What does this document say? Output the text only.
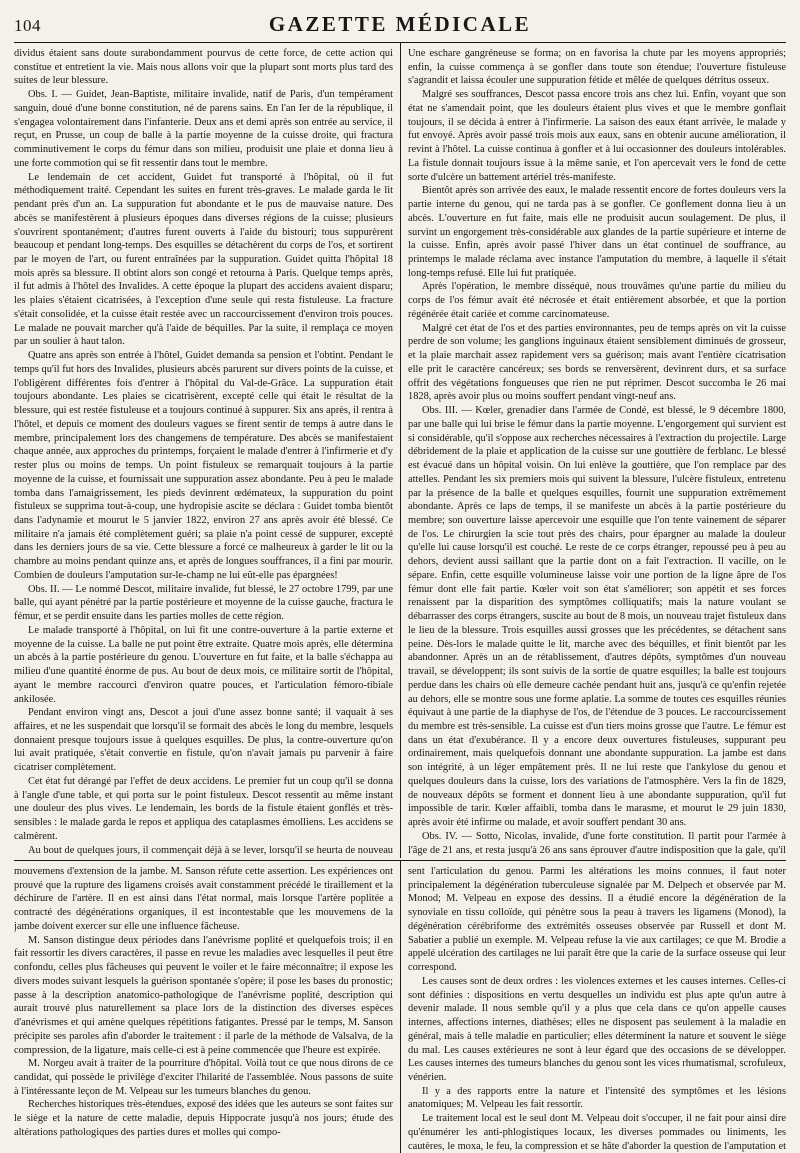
104	GAZETTE MÉDICALE

dividus étaient sans doute surabondamment pourvus de cette force, de cette action qui constitue et entretient la vie. Mais nous allons voir que la plupart sont morts plus tard des suites de leur blessure.

Obs. I. — Guidet, Jean-Baptiste, militaire invalide, natif de Paris, d'un tempérament sanguin, doué d'une bonne constitution, né de parens sains. En l'an Ier de la république, il s'engagea volontairement dans l'infanterie. Deux ans et demi après son entrée au service, il reçut, en Prusse, un coup de balle à la partie moyenne de la cuisse droite, qui fractura comminutivement le corps du fémur dans son milieu, produisit une plaie et donna lieu à une forte commotion qui se fit ressentir dans tout le membre.

Le lendemain de cet accident, Guidet fut transporté à l'hôpital, où il fut méthodiquement traité. Cependant les suites en furent très-graves. Le malade garda le lit pendant près d'un an. La suppuration fut abondante et le pus de mauvaise nature. Des abcès se manifestèrent à plusieurs époques dans diverses régions de la cuisse; plusieurs s'ouvrirent spontanément; d'autres furent ouverts à l'aide du bistouri; tous suppurèrent beaucoup et pendant long-temps. Des esquilles se détachèrent du corps de l'os, et sortirent par le moyen de l'art, ou furent entraînées par la suppuration. Guidet quitta l'hôpital 18 mois après sa blessure. Il obtint alors son congé et retourna à Paris. Quelque temps après, il fut admis à l'hôtel des Invalides. A cette époque la plupart des accidens avaient disparu; les plaies s'étaient cicatrisées, à l'exception d'une seule qui resta fistuleuse. La fracture s'était consolidée, et la cuisse était restée avec un raccourcissement d'environ trois pouces. Le malade ne pouvait marcher qu'à l'aide de béquilles. Par la suite, il remplaça ce moyen par un soulier à haut talon.

Quatre ans après son entrée à l'hôtel, Guidet demanda sa pension et l'obtint. Pendant le temps qu'il fut hors des Invalides, plusieurs abcès parurent sur divers points de la cuisse, et l'obligèrent différentes fois d'entrer à l'hôpital du Val-de-Grâce. La suppuration était toujours abondante. Les plaies se cicatrisèrent, excepté celle qui était le résultat de la blessure, qui est restée fistuleuse et a toujours continué à suppurer. Six ans après, il rentra à l'hôtel, et depuis ce moment des douleurs vagues se firent sentir de temps à autre dans le membre, principalement lors des changemens de température. Des abcès se manifestaient chaque année, aux approches du printemps, forçaient le malade d'entrer à l'infirmerie et d'y rester plus ou moins de temps. Un point fistuleux se remarquait toujours à la partie moyenne de la cuisse, et fournissait une suppuration assez abondante. Peu à peu le malade tomba dans l'amaigrissement, les pieds devinrent œdémateux, la suppuration du point fistuleux se supprima tout-à-coup, une hydropisie ascite se déclara : Guidet tomba bientôt dans l'adynamie et mourut le 5 janvier 1822, environ 27 ans après avoir été blessé. Ce militaire n'a jamais été complètement guéri; sa plaie n'a point cessé de suppurer, excepté dans les derniers jours de sa vie. Cette blessure a forcé ce malheureux à garder le lit ou la chambre au moins pendant quinze ans, et après de longues souffrances, il a fini par mourir. Combien de douleurs l'amputation sur-le-champ ne lui eût-elle pas épargnées!

Obs. II. — Le nommé Descot, militaire invalide, fut blessé, le 27 octobre 1799, par une balle, qui ayant pénétré par la partie postérieure et moyenne de la cuisse gauche, fractura le fémur, et se perdit ensuite dans les parties molles de cette région.

Le malade transporté à l'hôpital, on lui fit une contre-ouverture à la partie externe et moyenne de la cuisse. La balle ne put point être extraite. Quatre mois après, elle détermina un abcès à la partie postérieure du genou. L'ouverture en fut faite, et la balle s'échappa au milieu d'une quantité énorme de pus. Au bout de deux mois, ce militaire sortit de l'hôpital, ayant le membre raccourci d'environ quatre pouces, et l'articulation fémoro-tibiale ankilosée.

Pendant environ vingt ans, Descot a joui d'une assez bonne santé; il vaquait à ses affaires, et ne les suspendait que lorsqu'il se formait des abcès le long du membre, lesquels donnaient presque toujours issue à quelques esquilles. De plus, la contre-ouverture qu'on lui avait pratiquée, s'était convertie en fistule, qu'on n'avait jamais pu parvenir à faire cicatriser complètement.

Cet état fut dérangé par l'effet de deux accidens. Le premier fut un coup qu'il se donna à l'angle d'une table, et qui porta sur le point fistuleux. Descot ressentit au même instant une douleur des plus vives. Le lendemain, les bords de la fistule étaient gonflés et très-sensibles : le malade garda le repos et appliqua des cataplasmes émolliens. Les accidens se calmèrent.

Au bout de quelques jours, il commençait déjà à se lever, lorsqu'il se heurta de nouveau

Une eschare gangréneuse se forma; on en favorisa la chute par les moyens appropriés; enfin, la cuisse commença à se gonfler dans toute son étendue; l'ouverture fistuleuse s'agrandit et laissa écouler une suppuration fétide et mêlée de quelques détritus osseux.

Malgré ses souffrances, Descot passa encore trois ans chez lui. Enfin, voyant que son état ne s'amendait point, que les douleurs étaient plus vives et que le membre gonflait toujours, il se décida à entrer à l'infirmerie. La saison des eaux étant arrivée, le malade y fut envoyé. Après avoir passé trois mois aux eaux, sans en obtenir aucune amélioration, il revint à l'hôtel. La cuisse continua à gonfler et à lui occasionner des douleurs intolérables. La fistule donnait toujours issue à la même sanie, et l'on apercevait vers le fond de cette sorte d'ulcère un battement artériel très-manifeste.

Bientôt après son arrivée des eaux, le malade ressentit encore de fortes douleurs vers la partie interne du genou, qui ne tarda pas à se gonfler. Ce gonflement donna lieu à un abcès. L'ouverture en fut faite, mais elle ne produisit aucun soulagement. De plus, il survint un engorgement très-considérable aux glandes de la partie supérieure et interne de la cuisse. Enfin, après avoir passé l'hiver dans un état continuel de souffrance, au printemps le malade réclama avec instance l'amputation du membre, à laquelle il s'était long-temps refusé. Elle lui fut pratiquée.

Après l'opération, le membre disséqué, nous trouvâmes qu'une partie du milieu du corps de l'os fémur avait été nécrosée et était entièrement absorbée, et que la portion régénérée était cariée et comme carcinomateuse.

Malgré cet état de l'os et des parties environnantes, peu de temps après on vit la cuisse perdre de son volume; les ganglions inguinaux étaient sensiblement diminués de grosseur, et la plaie marchait assez rapidement vers sa guérison; mais avant l'entière cicatrisation elle prit le caractère cancéreux; ses bords se renversèrent, devinrent durs, et sa surface offrit des végétations fongueuses que rien ne put réprimer. Descot succomba le 26 mai 1828, après avoir plus ou moins souffert pendant vingt-neuf ans.

Obs. III. — Kœler, grenadier dans l'armée de Condé, est blessé, le 9 décembre 1800, par une balle qui lui brise le fémur dans la partie moyenne. L'engorgement qui survient est si considérable, qu'il s'oppose aux recherches nécessaires à l'extraction du projectile. Large débridement de la plaie et application de la cuisse sur une gouttière de ferblanc. Le blessé est évacué dans un hôpital voisin. On lui enlève la gouttière, que l'on remplace par des attelles. Pendant les six premiers mois qui suivent la blessure, l'ulcère fistuleux, entretenu par la présence de la balle et quelques esquilles, fournit une suppuration extrêmement abondante. Après ce laps de temps, il se manifeste un abcès à la partie postérieure du membre; son ouverture laisse apercevoir une esquille que l'on tente vainement de séparer de l'os. Le chirurgien la scie tout près des chairs, pour épargner au malade la douleur qu'elle lui cause lorsqu'il est couché. Le reste de ce corps étranger, repoussé peu à peu au dehors, devient aussi saillant que la partie dont on a fait l'extraction. Il vacille, on le sépare. Enfin, cette esquille volumineuse laisse voir une portion de la ligne âpre de l'os fémur dont elle fait partie. Kœler voit son état s'améliorer; son appétit et ses forces renaissent par la disparition des symptômes colliquatifs; mais la nature voulant se débarrasser des corps étrangers, suscite au bout de 8 mois, un nouveau trajet fistuleux dans le lieu de la blessure. Trois esquilles aussi grosses que les précédentes, se détachent sans peine. Dès-lors le malade quitte le lit, marche avec des béquilles, et finit bientôt par les abandonner. Après un an de rétablissement, d'autres dépôts, symptômes d'un nouveau travail, se développent; ils sont suivis de la sortie de quatre esquilles; la balle est toujours perdue dans les chairs où elle demeure cachée pendant huit ans, jusqu'à ce qu'enfin rejetée au dehors, elle se montre sous une forme aplatie. La somme de toutes ces esquilles réunies équivaut à une partie de la diaphyse de l'os, de l'étendue de 3 pouces. Le raccourcissement du membre est très-sensible. La cuisse est d'un tiers moins grosse que l'autre. Le fémur est dans un état d'exubérance. Il y a encore deux ouvertures fistuleuses, suppurant peu ordinairement, mais quelquefois donnant une abondante suppuration. La jambe est dans son intégrité, à un léger empâtement près. Il ne lui reste que l'ankylose du genou et quelques douleurs dans la cuisse, lors des variations de l'atmosphère. Vers la fin de 1829, de nouveaux dépôts se forment et donnent lieu à une abondante suppuration, qu'il fut impossible de tarir. Kœler affaibli, tomba dans le marasme, et mourut le 29 juin 1830, après avoir été infirme ou malade, et avoir souffert pendant 30 ans.

Obs. IV. — Sotto, Nicolas, invalide, d'une forte constitution. Il partit pour l'armée à l'âge de 21 ans, et resta jusqu'à 26 ans sans éprouver d'autre indisposition que la gale, qu'il

mouvemens d'extension de la jambe. M. Sanson réfute cette assertion. Les expériences ont prouvé que la rupture des ligamens croisés avait constamment précédé le tiraillement et la déchirure de l'artère. Il en est ainsi dans l'état normal, mais lorsque l'artère poplitée a contracté des dégénérations organiques, il est incontestable que les mouvemens de la jambe doivent exercer sur elle une influence fâcheuse.

M. Sanson distingue deux périodes dans l'anévrisme poplité et quelquefois trois; il en fait ressortir les divers caractères, il passe en revue les maladies avec lesquelles il peut être confondu, celles plus fâcheuses qui peuvent le voiler et le faire méconnaître; il expose les divers modes suivant lesquels la guérison spontanée s'opère; il pose les bases du pronostic; passe à la description anatomico-pathologique de l'anévrisme poplité, description qui aurait trouvé plus naturellement sa place lors de la distinction des diverses espèces d'anévrismes et qui amène quelques répétitions fatigantes. Pressé par le temps, M. Sanson précipite ses paroles afin d'aborder le traitement : il parle de la méthode de Valsalva, de la compression, de la ligature, mais celle-ci est à peine commencée que l'heure est expirée.

M. Norgeu avait à traiter de la pourriture d'hôpital. Voilà tout ce que nous dirons de ce candidat, qui possède le privilège d'exciter l'hilarité de l'assemblée. Nous passons de suite à l'intéressante leçon de M. Velpeau sur les tumeurs blanches du genou.

Recherches historiques très-étendues, exposé des idées que les auteurs se sont faites sur le siège et la nature de cette maladie, depuis Hippocrate jusqu'à nos jours; étude des altérations pathologiques des parties dures et molles qui compo-

sent l'articulation du genou. Parmi les altérations les moins connues, il faut noter principalement la dégénération tuberculeuse signalée par M. Delpech et observée par M. Monod; M. Velpeau en expose des dessins. Il a étudié encore la dégénération de la synoviale en tissu colloïde, qui pénètre sous la peau à travers les ligamens (Monod), la dégénération cérébriforme des extrémités osseuses observée par Russell et dont M. Sabatier a publié un exemple. M. Velpeau refuse la vie aux cartilages; ce que M. Brodie a appelé ulcération des cartilages ne lui paraît être que la carie de la surface osseuse qui leur correspond.

Les causes sont de deux ordres : les violences externes et les causes internes. Celles-ci sont définies : dispositions en vertu desquelles un individu est plus apte qu'un autre à devenir malade. Il nous semble qu'il y a plus que cela dans ce qu'on appelle causes internes, affections internes, diathèses; elles ne disposent pas seulement à la maladie en général, mais à telle maladie en particulier; elles déterminent la nature et souvent le siège du mal. Les causes extérieures ne sont à leur égard que des occasions de se développer. Les causes internes des tumeurs blanches du genou sont les vices rhumatismal, scrofuleux, vénérien.

Il y a des rapports entre la nature et l'intensité des symptômes et les lésions anatomiques; M. Velpeau les fait ressortir.

Le traitement local est le seul dont M. Velpeau doit s'occuper, il ne fait pour ainsi dire qu'énumérer les anti-phlogistiques locaux, les diverses pommades ou liniments, les cautères, le moxa, le feu, la compression et se hâte d'aborder la question de l'amputation et
